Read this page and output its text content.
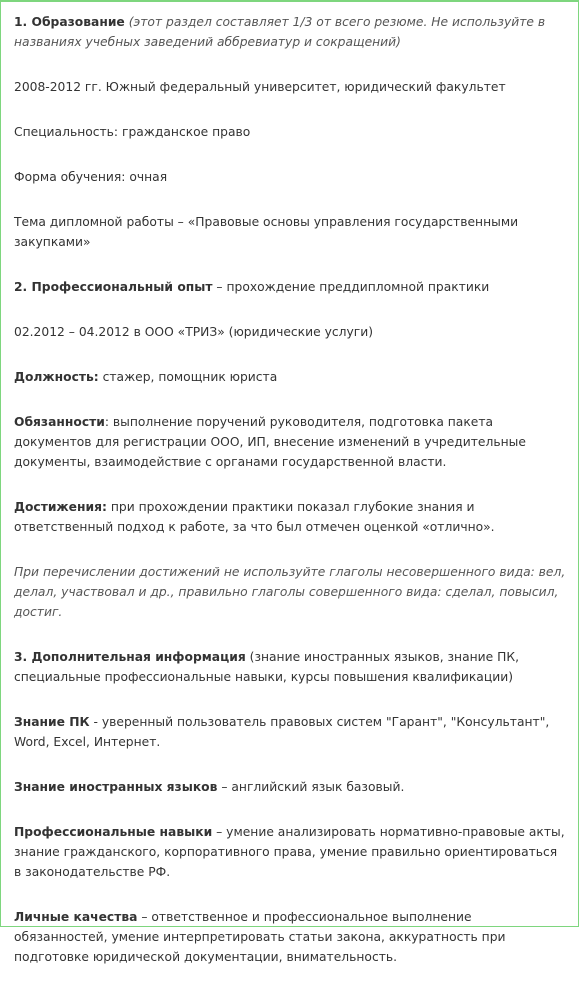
1. Образование (этот раздел составляет 1/3 от всего резюме. Не используйте в названиях учебных заведений аббревиатур и сокращений)

2008-2012 гг. Южный федеральный университет, юридический факультет

Специальность: гражданское право

Форма обучения: очная

Тема дипломной работы – «Правовые основы управления государственными закупками»

2. Профессиональный опыт – прохождение преддипломной практики

02.2012 – 04.2012 в ООО «ТРИЗ» (юридические услуги)

Должность: стажер, помощник юриста

Обязанности: выполнение поручений руководителя, подготовка пакета документов для регистрации ООО, ИП, внесение изменений в учредительные документы, взаимодействие с органами государственной власти.

Достижения: при прохождении практики показал глубокие знания и ответственный подход к работе, за что был отмечен оценкой «отлично».

При перечислении достижений не используйте глаголы несовершенного вида: вел, делал, участвовал и др., правильно глаголы совершенного вида: сделал, повысил, достиг.

3. Дополнительная информация (знание иностранных языков, знание ПК, специальные профессиональные навыки, курсы повышения квалификации)

Знание ПК - уверенный пользователь правовых систем "Гарант", "Консультант", Word, Excel, Интернет.

Знание иностранных языков – английский язык базовый.

Профессиональные навыки – умение анализировать нормативно-правовые акты, знание гражданского, корпоративного права, умение правильно ориентироваться в законодательстве РФ.

Личные качества – ответственное и профессиональное выполнение обязанностей, умение интерпретировать статьи закона, аккуратность при подготовке юридической документации, внимательность.
